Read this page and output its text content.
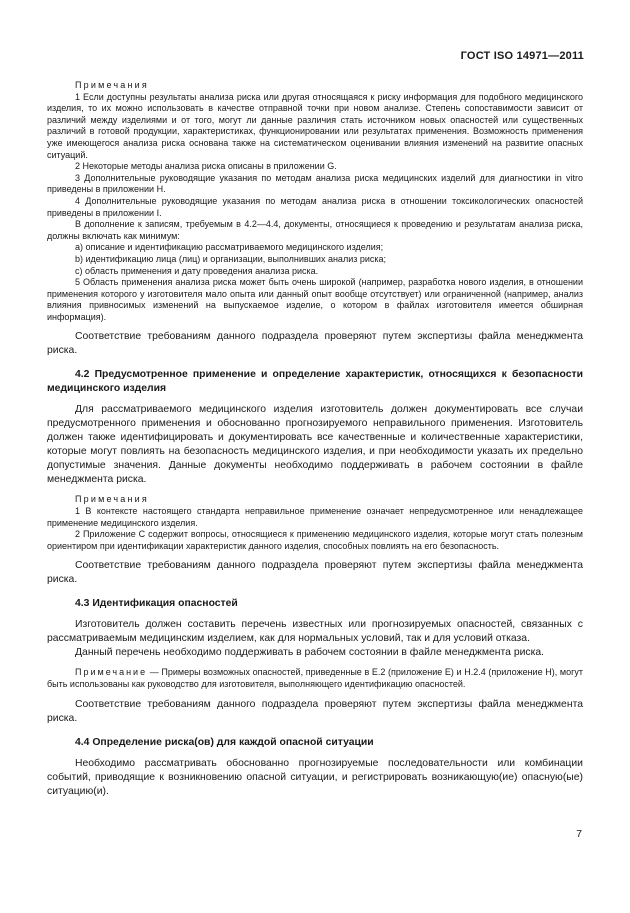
ГОСТ ISO 14971—2011

Примечания

1 Если доступны результаты анализа риска или другая относящаяся к риску информация для подобного медицинского изделия, то их можно использовать в качестве отправной точки при новом анализе. Степень сопоставимости зависит от различий между изделиями и от того, могут ли данные различия стать источником новых опасностей или существенных различий в готовой продукции, характеристиках, функционировании или результатах применения. Возможность применения уже имеющегося анализа риска основана также на систематическом оценивании влияния изменений на развитие опасных ситуаций.

2 Некоторые методы анализа риска описаны в приложении G.

3 Дополнительные руководящие указания по методам анализа риска медицинских изделий для диагностики in vitro приведены в приложении H.

4 Дополнительные руководящие указания по методам анализа риска в отношении токсикологических опасностей приведены в приложении I.

В дополнение к записям, требуемым в 4.2—4.4, документы, относящиеся к проведению и результатам анализа риска, должны включать как минимум:

а) описание и идентификацию рассматриваемого медицинского изделия;

b) идентификацию лица (лиц) и организации, выполнивших анализ риска;

с) область применения и дату проведения анализа риска.

5 Область применения анализа риска может быть очень широкой (например, разработка нового изделия, в отношении применения которого у изготовителя мало опыта или данный опыт вообще отсутствует) или ограниченной (например, анализ влияния привносимых изменений на выпускаемое изделие, о котором в файлах изготовителя имеется обширная информация).

Соответствие требованиям данного подраздела проверяют путем экспертизы файла менеджмента риска.

4.2 Предусмотренное применение и определение характеристик, относящихся к безопасности медицинского изделия

Для рассматриваемого медицинского изделия изготовитель должен документировать все случаи предусмотренного применения и обоснованно прогнозируемого неправильного применения. Изготовитель должен также идентифицировать и документировать все качественные и количественные характеристики, которые могут повлиять на безопасность медицинского изделия, и при необходимости указать их предельно допустимые значения. Данные документы необходимо поддерживать в рабочем состоянии в файле менеджмента риска.

Примечания

1 В контексте настоящего стандарта неправильное применение означает непредусмотренное или ненадлежащее применение медицинского изделия.

2 Приложение С содержит вопросы, относящиеся к применению медицинского изделия, которые могут стать полезным ориентиром при идентификации характеристик данного изделия, способных повлиять на его безопасность.

Соответствие требованиям данного подраздела проверяют путем экспертизы файла менеджмента риска.

4.3 Идентификация опасностей

Изготовитель должен составить перечень известных или прогнозируемых опасностей, связанных с рассматриваемым медицинским изделием, как для нормальных условий, так и для условий отказа.

Данный перечень необходимо поддерживать в рабочем состоянии в файле менеджмента риска.

Примечание — Примеры возможных опасностей, приведенные в Е.2 (приложение Е) и Н.2.4 (приложение Н), могут быть использованы как руководство для изготовителя, выполняющего идентификацию опасностей.

Соответствие требованиям данного подраздела проверяют путем экспертизы файла менеджмента риска.

4.4 Определение риска(ов) для каждой опасной ситуации

Необходимо рассматривать обоснованно прогнозируемые последовательности или комбинации событий, приводящие к возникновению опасной ситуации, и регистрировать возникающую(ие) опасную(ые) ситуацию(и).

7
